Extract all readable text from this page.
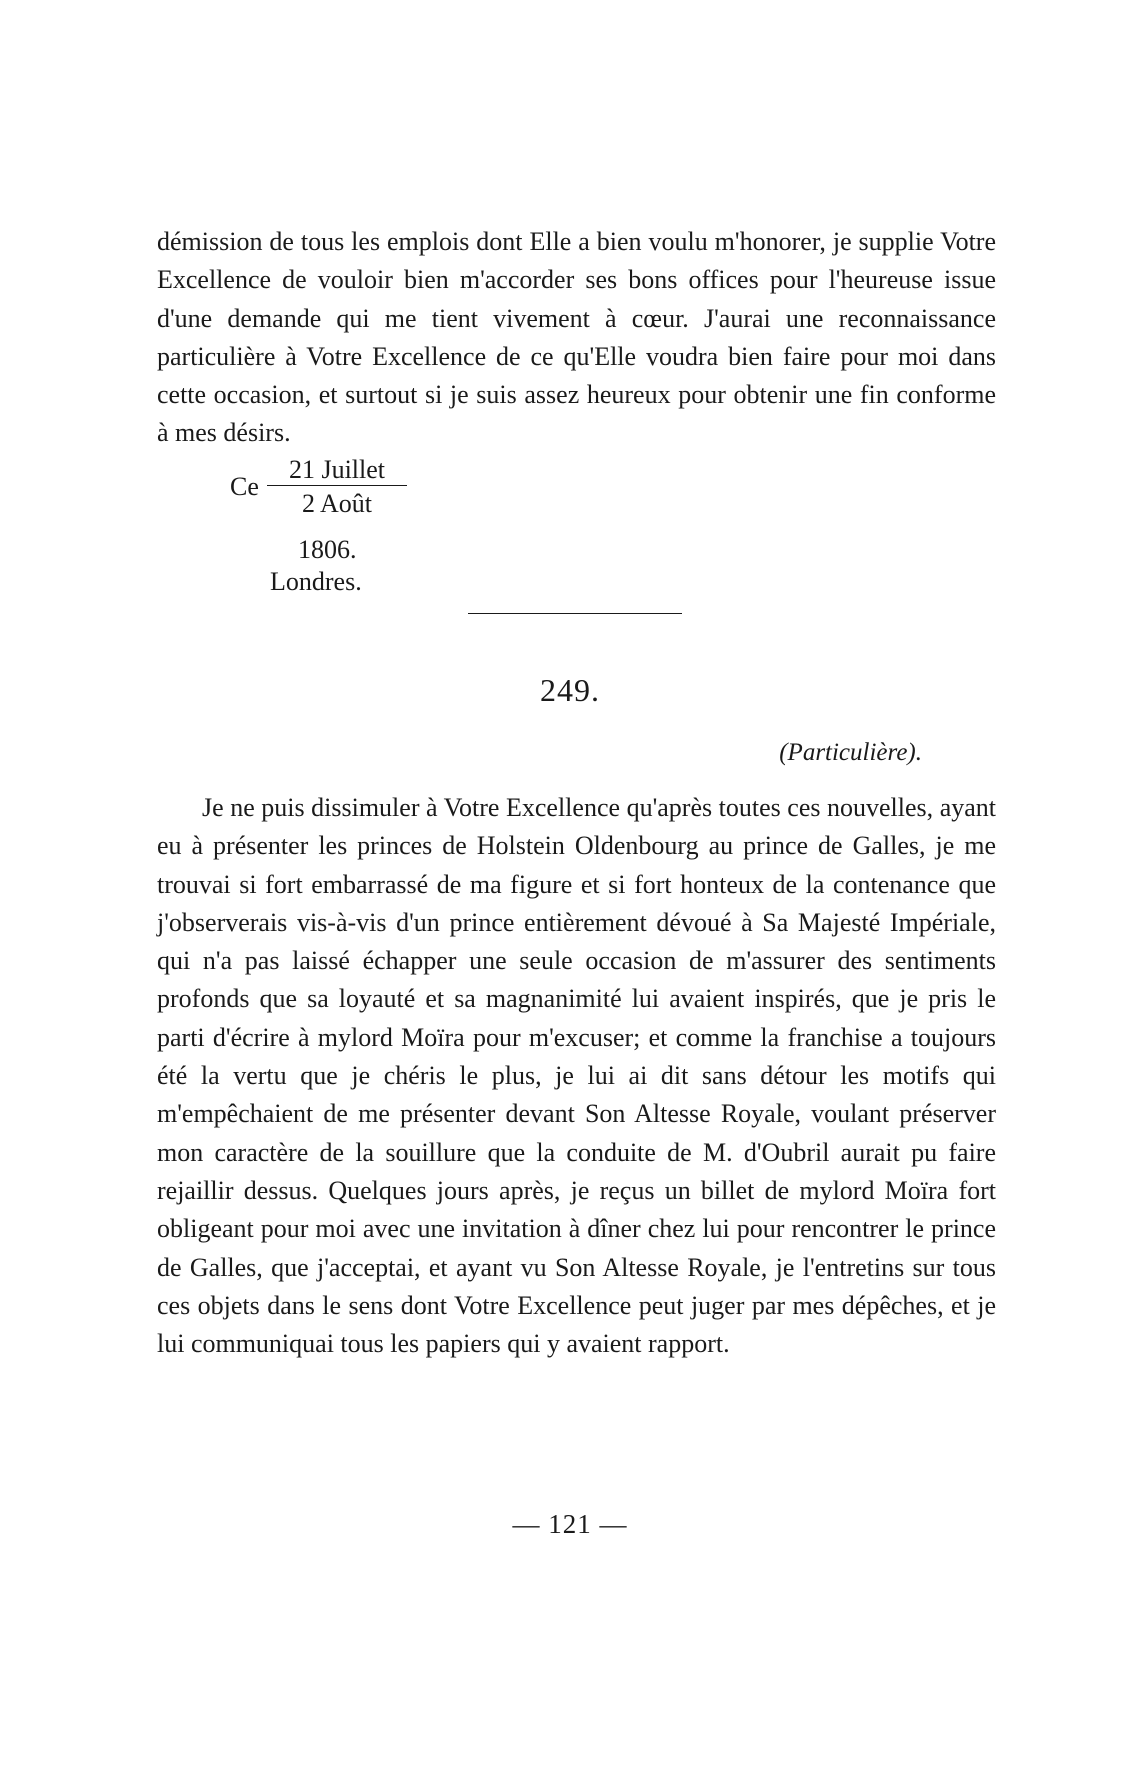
démission de tous les emplois dont Elle a bien voulu m'honorer, je supplie Votre Excellence de vouloir bien m'accorder ses bons offices pour l'heureuse issue d'une demande qui me tient vivement à cœur. J'aurai une reconnaissance particulière à Votre Excellence de ce qu'Elle voudra bien faire pour moi dans cette occasion, et surtout si je suis assez heureux pour obtenir une fin conforme à mes désirs.

Ce
21 Juillet
2 Août
1806.
Londres.
249.
(Particulière).

Je ne puis dissimuler à Votre Excellence qu'après toutes ces nouvelles, ayant eu à présenter les princes de Holstein Oldenbourg au prince de Galles, je me trouvai si fort embarrassé de ma figure et si fort honteux de la contenance que j'observerais vis-à-vis d'un prince entièrement dévoué à Sa Majesté Impériale, qui n'a pas laissé échapper une seule occasion de m'assurer des sentiments profonds que sa loyauté et sa magnanimité lui avaient inspirés, que je pris le parti d'écrire à mylord Moïra pour m'excuser; et comme la franchise a toujours été la vertu que je chéris le plus, je lui ai dit sans détour les motifs qui m'empêchaient de me présenter devant Son Altesse Royale, voulant préserver mon caractère de la souillure que la conduite de M. d'Oubril aurait pu faire rejaillir dessus. Quelques jours après, je reçus un billet de mylord Moïra fort obligeant pour moi avec une invitation à dîner chez lui pour rencontrer le prince de Galles, que j'acceptai, et ayant vu Son Altesse Royale, je l'entretins sur tous ces objets dans le sens dont Votre Excellence peut juger par mes dépêches, et je lui communiquai tous les papiers qui y avaient rapport.

— 121 —
